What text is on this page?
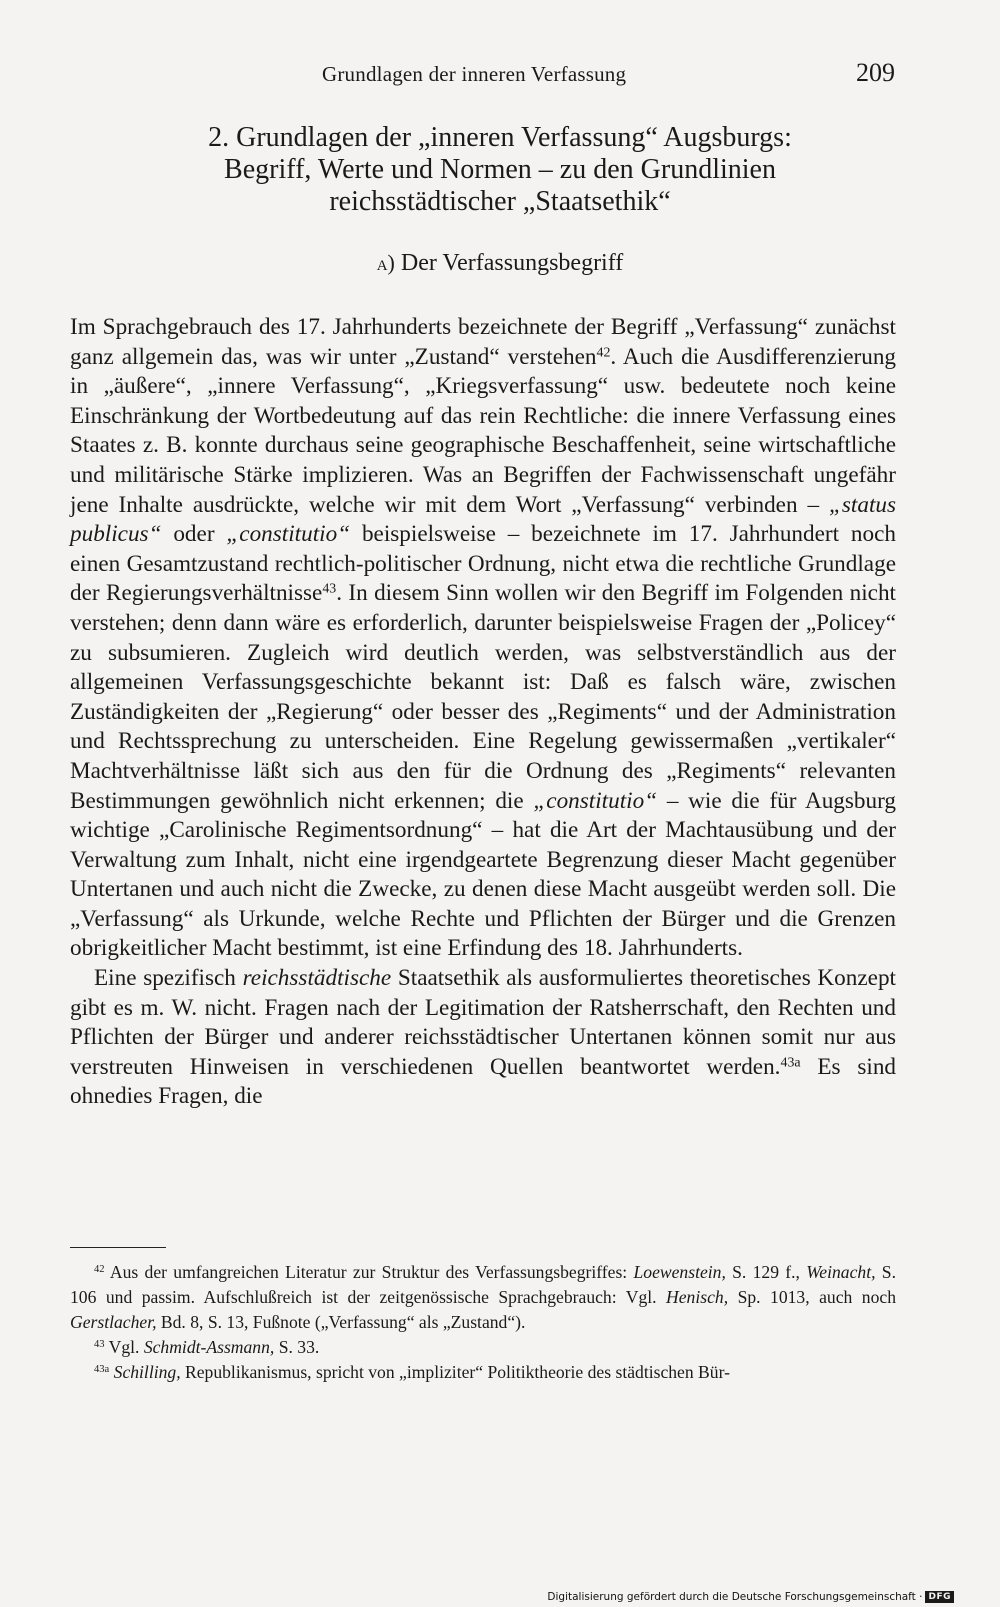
Grundlagen der inneren Verfassung	209
2. Grundlagen der „inneren Verfassung“ Augsburgs:
Begriff, Werte und Normen – zu den Grundlinien
reichsstädtischer „Staatsethik“
a) Der Verfassungsbegriff

Im Sprachgebrauch des 17. Jahrhunderts bezeichnete der Begriff „Verfassung“ zunächst ganz allgemein das, was wir unter „Zustand“ verstehen$^{42}$. Auch die Ausdifferenzierung in „äußere“, „innere Verfassung“, „Kriegsverfassung“ usw. bedeutete noch keine Einschränkung der Wortbedeutung auf das rein Rechtliche: die innere Verfassung eines Staates z. B. konnte durchaus seine geographische Beschaffenheit, seine wirtschaftliche und militärische Stärke implizieren. Was an Begriffen der Fachwissenschaft ungefähr jene Inhalte ausdrückte, welche wir mit dem Wort „Verfassung“ verbinden – „status publicus“ oder „constitutio“ beispielsweise – bezeichnete im 17. Jahrhundert noch einen Gesamtzustand rechtlich-politischer Ordnung, nicht etwa die rechtliche Grundlage der Regierungsverhältnisse$^{43}$. In diesem Sinn wollen wir den Begriff im Folgenden nicht verstehen; denn dann wäre es erforderlich, darunter beispielsweise Fragen der „Policey“ zu subsumieren. Zugleich wird deutlich werden, was selbstverständlich aus der allgemeinen Verfassungsgeschichte bekannt ist: Daß es falsch wäre, zwischen Zuständigkeiten der „Regierung“ oder besser des „Regiments“ und der Administration und Rechtssprechung zu unterscheiden. Eine Regelung gewissermaßen „vertikaler“ Machtverhältnisse läßt sich aus den für die Ordnung des „Regiments“ relevanten Bestimmungen gewöhnlich nicht erkennen; die „constitutio“ – wie die für Augsburg wichtige „Carolinische Regimentsordnung“ – hat die Art der Machtausübung und der Verwaltung zum Inhalt, nicht eine irgendgeartete Begrenzung dieser Macht gegenüber Untertanen und auch nicht die Zwecke, zu denen diese Macht ausgeübt werden soll. Die „Verfassung“ als Urkunde, welche Rechte und Pflichten der Bürger und die Grenzen obrigkeitlicher Macht bestimmt, ist eine Erfindung des 18. Jahrhunderts.

Eine spezifisch reichsstädtische Staatsethik als ausformuliertes theoretisches Konzept gibt es m. W. nicht. Fragen nach der Legitimation der Ratsherrschaft, den Rechten und Pflichten der Bürger und anderer reichsstädtischer Untertanen können somit nur aus verstreuten Hinweisen in verschiedenen Quellen beantwortet werden.$^{43a}$ Es sind ohnedies Fragen, die

$^{42}$ Aus der umfangreichen Literatur zur Struktur des Verfassungsbegriffes: Loewenstein, S. 129 f., Weinacht, S. 106 und passim. Aufschlußreich ist der zeitgenössische Sprachgebrauch: Vgl. Henisch, Sp. 1013, auch noch Gerstlacher, Bd. 8, S. 13, Fußnote („Verfassung“ als „Zustand“).

$^{43}$ Vgl. Schmidt-Assmann, S. 33.

$^{43a}$ Schilling, Republikanismus, spricht von „impliziter“ Politiktheorie des städtischen Bür-

Digitalisierung gefördert durch die Deutsche Forschungsgemeinschaft · DFG
